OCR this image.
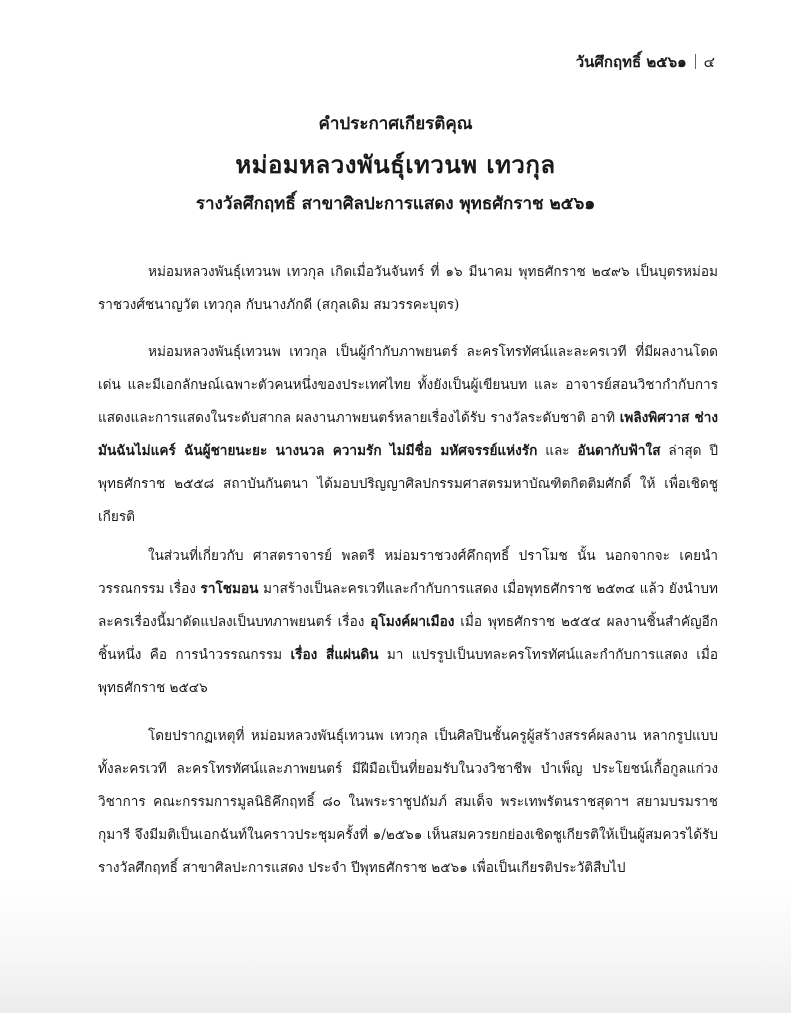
วันศึกฤทธิ์ ๒๕๖๑ ๔
คำประกาศเกียรติคุณ
หม่อมหลวงพันธุ์เทวนพ เทวกุล
รางวัลศึกฤทธิ์ สาขาศิลปะการแสดง พุทธศักราช ๒๕๖๑

หม่อมหลวงพันธุ์เทวนพ เทวกุล เกิดเมื่อวันจันทร์ ที่ ๑๖ มีนาคม พุทธศักราช ๒๔๙๖ เป็นบุตรหม่อมราชวงศ์ชนาญวัต เทวกุล กับนางภักดี (สกุลเดิม สมวรรคะบุตร)

หม่อมหลวงพันธุ์เทวนพ เทวกุล เป็นผู้กำกับภาพยนตร์ ละครโทรทัศน์และละครเวที ที่มีผลงานโดดเด่น และมีเอกลักษณ์เฉพาะตัวคนหนึ่งของประเทศไทย ทั้งยังเป็นผู้เขียนบท และ อาจารย์สอนวิชากำกับการแสดงและการแสดงในระดับสากล ผลงานภาพยนตร์หลายเรื่องได้รับ รางวัลระดับชาติ อาทิ เพลิงพิศวาส ช่างมันฉันไม่แคร์ ฉันผู้ชายนะยะ นางนวล ความรัก ไม่มีชื่อ มหัศจรรย์แห่งรัก และ อันดากับฟ้าใส ล่าสุด ปีพุทธศักราช ๒๕๕๘ สถาบันกันตนา ได้มอบปริญญาศิลปกรรมศาสตรมหาบัณฑิตกิตติมศักดิ์ ให้ เพื่อเชิดชูเกียรติ

ในส่วนที่เกี่ยวกับ ศาสตราจารย์ พลตรี หม่อมราชวงศ์คึกฤทธิ์ ปราโมช นั้น นอกจากจะ เคยนำวรรณกรรม เรื่อง ราโชมอน มาสร้างเป็นละครเวทีและกำกับการแสดง เมื่อพุทธศักราช ๒๕๓๔ แล้ว ยังนำบทละครเรื่องนี้มาดัดแปลงเป็นบทภาพยนตร์ เรื่อง อุโมงค์ผาเมือง เมื่อ พุทธศักราช ๒๕๕๔ ผลงานชิ้นสำคัญอีกชิ้นหนึ่ง คือ การนำวรรณกรรม เรื่อง สี่แผ่นดิน มา แปรรูปเป็นบทละครโทรทัศน์และกำกับการแสดง เมื่อ พุทธศักราช ๒๕๔๖

โดยปรากฏเหตุที่ หม่อมหลวงพันธุ์เทวนพ เทวกุล เป็นศิลปินชั้นครูผู้สร้างสรรค์ผลงาน หลากรูปแบบทั้งละครเวที ละครโทรทัศน์และภาพยนตร์ มีฝีมือเป็นที่ยอมรับในวงวิชาชีพ บำเพ็ญ ประโยชน์เกื้อกูลแก่วงวิชาการ คณะกรรมการมูลนิธิคึกฤทธิ์ ๘๐ ในพระราชูปถัมภ์ สมเด็จ พระเทพรัตนราชสุดาฯ สยามบรมราชกุมารี จึงมีมติเป็นเอกฉันท์ในคราวประชุมครั้งที่ ๑/๒๕๖๑ เห็นสมควรยกย่องเชิดชูเกียรติให้เป็นผู้สมควรได้รับ รางวัลศึกฤทธิ์ สาขาศิลปะการแสดง ประจำ ปีพุทธศักราช ๒๕๖๑ เพื่อเป็นเกียรติประวัติสืบไป
